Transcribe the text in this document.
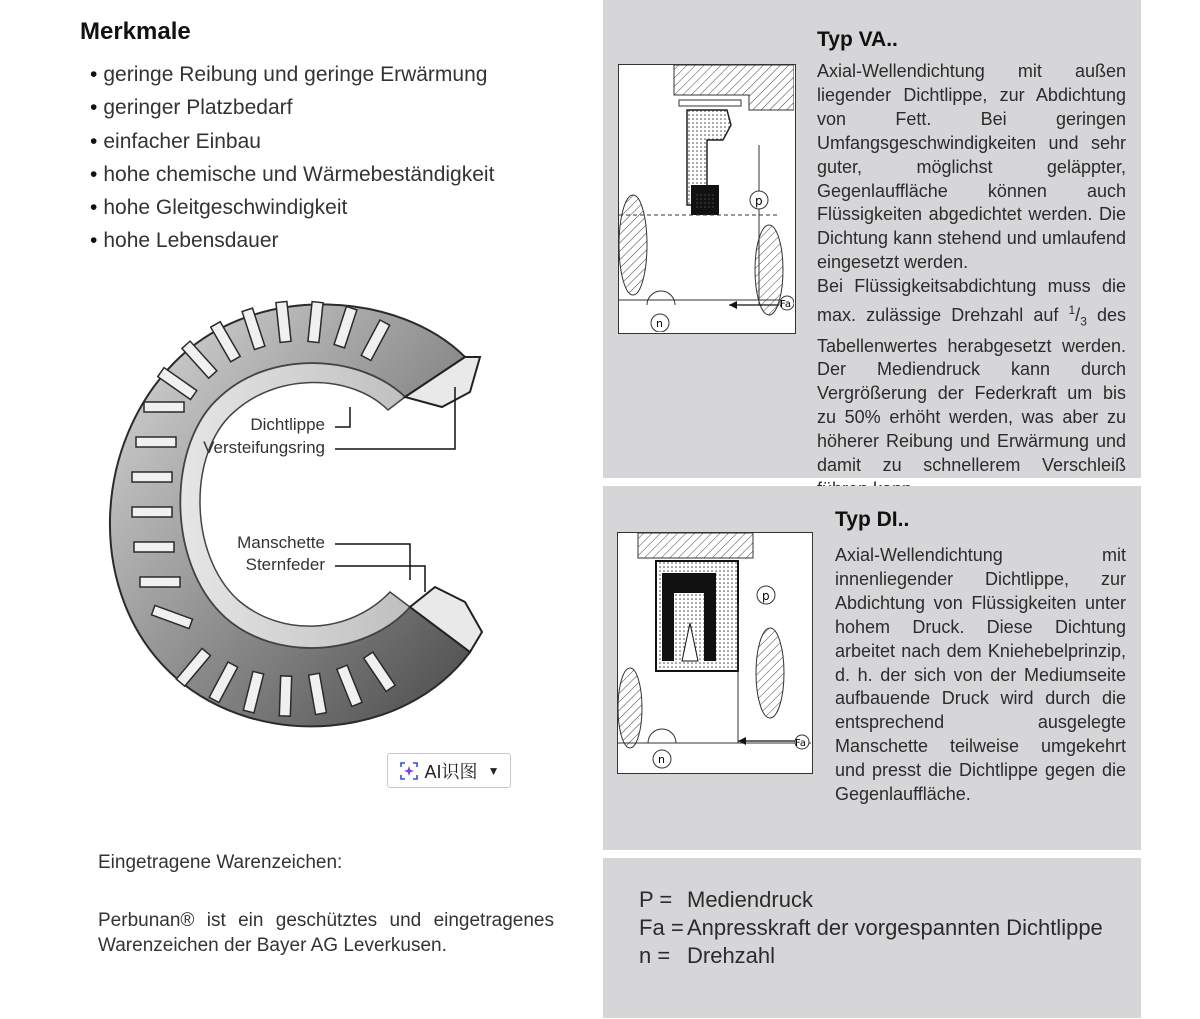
Merkmale
• geringe Reibung und geringe Erwärmung
• geringer Platzbedarf
• einfacher Einbau
• hohe chemische und Wärmebeständigkeit
• hohe Gleitgeschwindigkeit
• hohe Lebensdauer
Dichtlippe
Versteifungsring
Manschette
Sternfeder
AI识图 ▼
Eingetragene Warenzeichen:
Perbunan® ist ein geschütztes und eingetragenes Warenzeichen der Bayer AG Leverkusen.
Typ VA..
p
n
Fa
Axial-Wellendichtung mit außen liegender Dichtlippe, zur Abdichtung von Fett. Bei geringen Umfangsgeschwindigkeiten und sehr guter, möglichst geläppter, Gegenlauffläche können auch Flüssigkeiten abgedichtet werden. Die Dichtung kann stehend und umlaufend eingesetzt werden.
Bei Flüssigkeitsabdichtung muss die max. zulässige Drehzahl auf $^1/_3$ des Tabellenwertes herabgesetzt werden. Der Mediendruck kann durch Vergrößerung der Federkraft um bis zu 50% erhöht werden, was aber zu höherer Reibung und Erwärmung und damit zu schnellerem Verschleiß
Typ DI..
p
n
Fa
Axial-Wellendichtung mit innenliegender Dichtlippe, zur Abdichtung von Flüssigkeiten unter hohem Druck. Diese Dichtung arbeitet nach dem Kniehebelprinzip, d. h. der sich von der Mediumseite aufbauende Druck wird durch die entsprechend ausgelegte Manschette teilweise umgekehrt und presst die Dichtlippe gegen die Gegenlauffläche.
P = Mediendruck
Fa = Anpresskraft der vorgespannten Dichtlippe
n = Drehzahl
